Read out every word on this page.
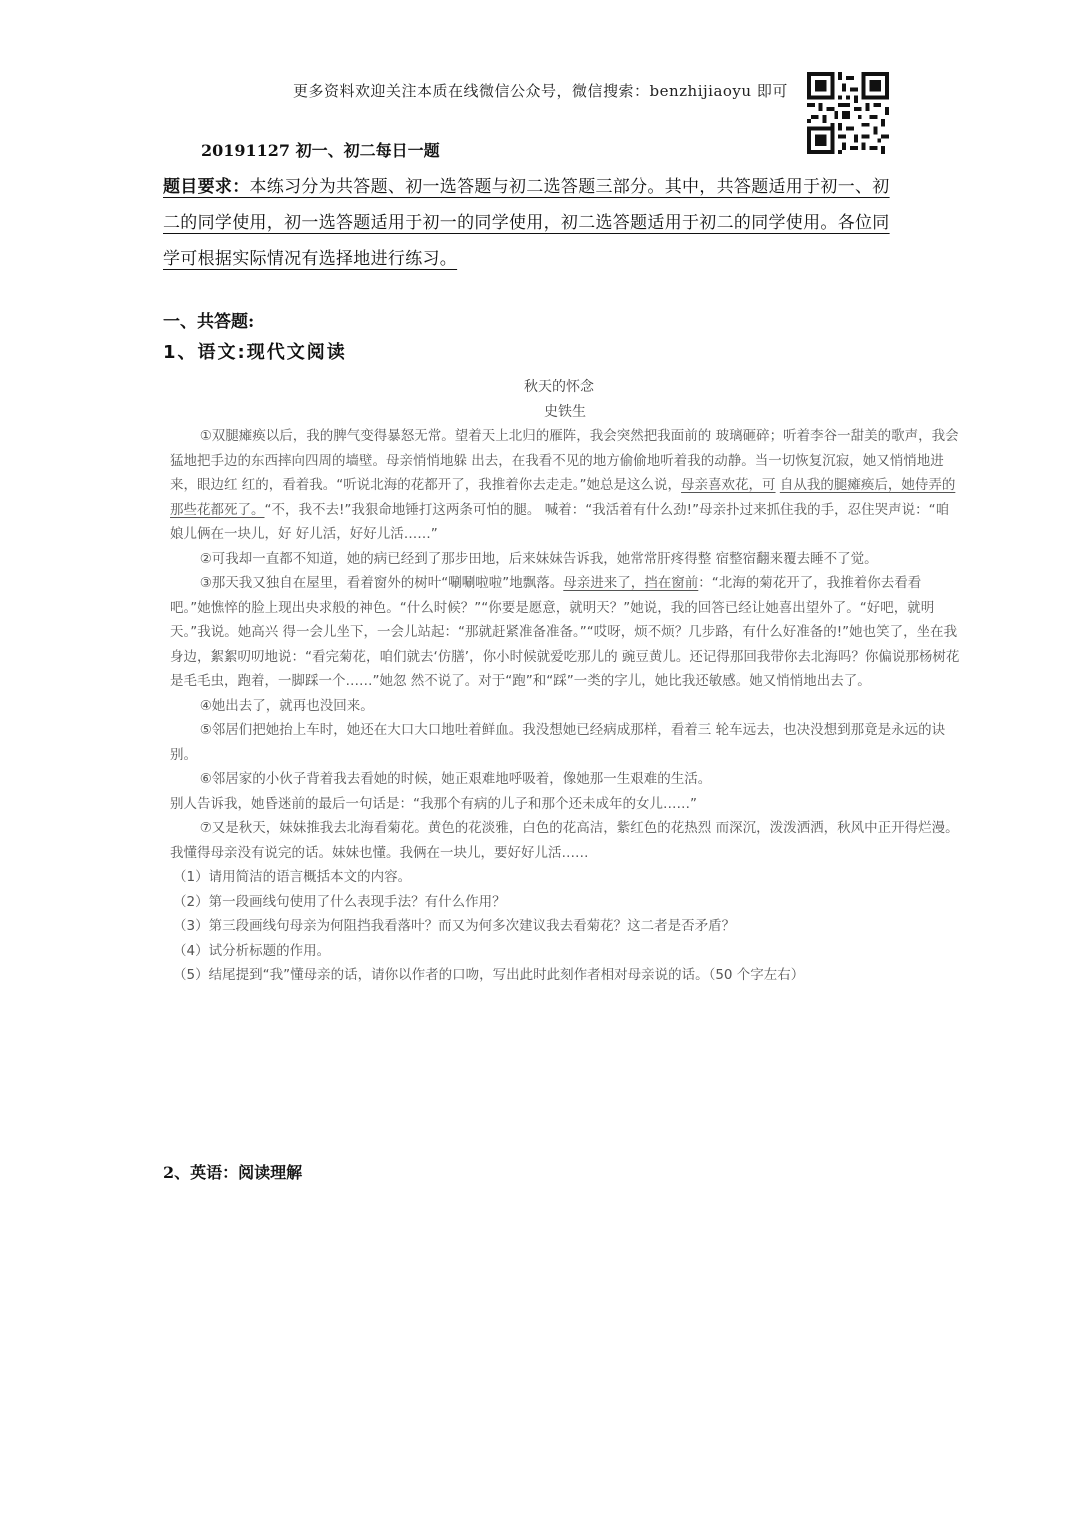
更多资料欢迎关注本质在线微信公众号，微信搜索：benzhijiaoyu 即可
20191127 初一、初二每日一题
题目要求：本练习分为共答题、初一选答题与初二选答题三部分。其中，共答题适用于初一、初
二的同学使用，初一选答题适用于初一的同学使用，初二选答题适用于初二的同学使用。各位同
学可根据实际情况有选择地进行练习。
一、共答题:
1、语文:现代文阅读
秋天的怀念
史铁生

①双腿瘫痪以后，我的脾气变得暴怒无常。望着天上北归的雁阵，我会突然把我面前的 玻璃砸碎；听着李谷一甜美的歌声，我会猛地把手边的东西摔向四周的墙壁。母亲悄悄地躲 出去，在我看不见的地方偷偷地听着我的动静。当一切恢复沉寂，她又悄悄地进来，眼边红 红的，看着我。“听说北海的花都开了，我推着你去走走。”她总是这么说，母亲喜欢花，可 自从我的腿瘫痪后，她侍弄的那些花都死了。“不，我不去!”我狠命地锤打这两条可怕的腿。 喊着：“我活着有什么劲!”母亲扑过来抓住我的手，忍住哭声说：“咱娘儿俩在一块儿，好 好儿活，好好儿活……”

②可我却一直都不知道，她的病已经到了那步田地，后来妹妹告诉我，她常常肝疼得整 宿整宿翻来覆去睡不了觉。

③那天我又独自在屋里，看着窗外的树叶“唰唰啦啦”地飘落。母亲进来了，挡在窗前：“北海的菊花开了，我推着你去看看吧。”她憔悴的脸上现出央求般的神色。“什么时候？”“你要是愿意，就明天？”她说，我的回答已经让她喜出望外了。“好吧，就明天。”我说。她高兴 得一会儿坐下，一会儿站起：“那就赶紧准备准备。”“哎呀，烦不烦？几步路，有什么好准备的!”她也笑了，坐在我身边，絮絮叨叨地说：“看完菊花，咱们就去‘仿膳’，你小时候就爱吃那儿的 豌豆黄儿。还记得那回我带你去北海吗？你偏说那杨树花是毛毛虫，跑着，一脚踩一个……”她忽 然不说了。对于“跑”和“踩”一类的字儿，她比我还敏感。她又悄悄地出去了。

④她出去了，就再也没回来。

⑤邻居们把她抬上车时，她还在大口大口地吐着鲜血。我没想她已经病成那样，看着三 轮车远去，也决没想到那竟是永远的诀别。

⑥邻居家的小伙子背着我去看她的时候，她正艰难地呼吸着，像她那一生艰难的生活。

别人告诉我，她昏迷前的最后一句话是：“我那个有病的儿子和那个还未成年的女儿……”

⑦又是秋天，妹妹推我去北海看菊花。黄色的花淡雅，白色的花高洁，紫红色的花热烈 而深沉，泼泼洒洒，秋风中正开得烂漫。我懂得母亲没有说完的话。妹妹也懂。我俩在一块儿，要好好儿活……

（1）请用简洁的语言概括本文的内容。

（2）第一段画线句使用了什么表现手法？有什么作用？

（3）第三段画线句母亲为何阻挡我看落叶？而又为何多次建议我去看菊花？这二者是否矛盾？

（4）试分析标题的作用。

（5）结尾提到“我”懂母亲的话，请你以作者的口吻，写出此时此刻作者相对母亲说的话。（50 个字左右）

2、英语：阅读理解
